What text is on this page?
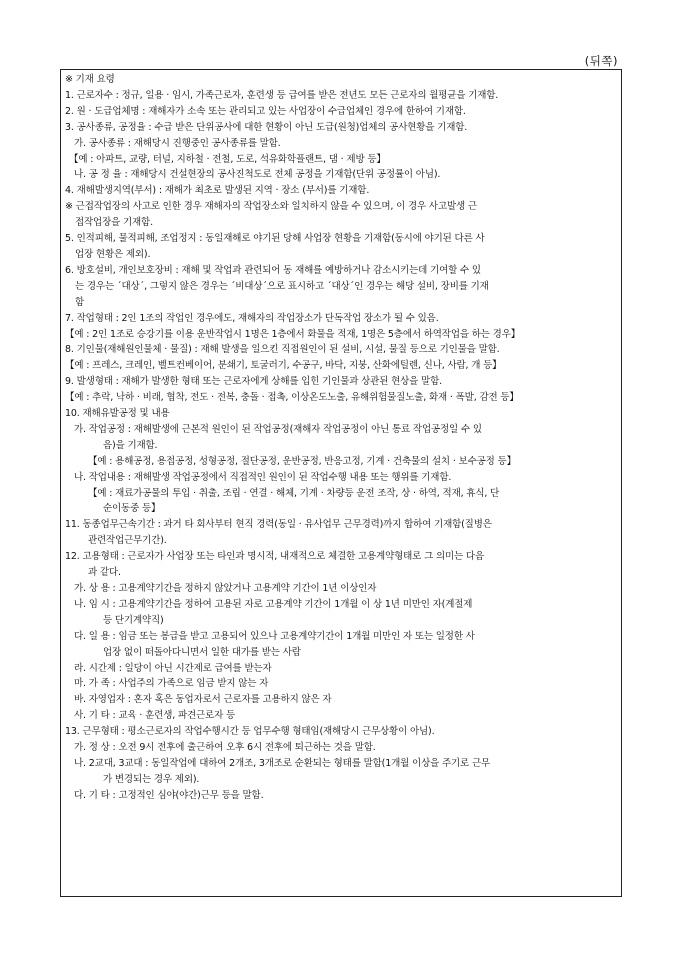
(뒤쪽)
※ 기재 요령
1. 근로자수 : 정규, 일용 · 임시, 가족근로자, 훈련생 등 급여를 받은 전년도 모든 근로자의 월평균을 기재함.
2. 원 · 도급업체명 : 재해자가 소속 또는 관리되고 있는 사업장이 수급업체인 경우에 한하여 기재함.
3. 공사종류, 공정율 : 수급 받은 단위공사에 대한 현황이 아닌 도급(원청)업체의 공사현황을 기재함.
가. 공사종류 : 재해당시 진행중인 공사종류를 말함.
【예 : 아파트, 교량, 터널, 지하철 · 전철, 도로, 석유화학플랜트, 댐 · 제방 등】
나. 공 정 율 : 재해당시 건설현장의 공사진척도로 전체 공정을 기재함(단위 공정률이 아님).
4. 재해발생지역(부서) : 재해가 최초로 발생된 지역 · 장소 (부서)를 기재함.
※ 근접작업장의 사고로 인한 경우 재해자의 작업장소와 일치하지 않을 수 있으며, 이 경우 사고발생 근
접작업장을 기재함.
5. 인적피해, 물적피해, 조업정지 : 동일재해로 야기된 당해 사업장 현황을 기재함(동시에 야기된 다른 사
업장 현황은 제외).
6. 방호설비, 개인보호장비 : 재해 및 작업과 관련되어 동 재해를 예방하거나 감소시키는데 기여할 수 있
는 경우는 ´대상´, 그렇지 않은 경우는 ´비대상´으로 표시하고 ´대상´인 경우는 해당 설비, 장비를 기재
함
7. 작업형태 : 2인 1조의 작업인 경우에도, 재해자의 작업장소가 단독작업 장소가 될 수 있음.
【예 : 2인 1조로 승강기를 이용 운반작업시 1명은 1층에서 화물을 적재, 1명은 5층에서 하역작업을 하는 경우】
8. 기인물(재해원인물체 · 물질) : 재해 발생을 일으킨 직접원인이 된 설비, 시설, 물질 등으로 기인물을 말함.
【예 : 프레스, 크레인, 벨트컨베이어, 분쇄기, 토굴러기, 수공구, 바닥, 지붕, 산화에틸렌, 신나, 사람, 개 등】
9. 발생형태 : 재해가 발생한 형태 또는 근로자에게 상해를 입힌 기인물과 상관된 현상을 말함.
【예 : 추락, 낙하 · 비래, 협착, 전도 · 전복, 충돌 · 접촉, 이상온도노출, 유해위험물질노출, 화재 · 폭발, 감전 등】
10. 재해유발공정 및 내용
가. 작업공정 : 재해발생에 근본적 원인이 된 작업공정(재해자 작업공정이 아닌 통료 작업공정일 수 있
음)을 기재함.
【예 : 용해공정, 용접공정, 성형공정, 절단공정, 운반공정, 반응고정, 기계 · 건축물의 설치 · 보수공정 등】
나. 작업내용 : 재해발생 작업공정에서 직접적인 원인이 된 작업수행 내용 또는 행위를 기재함.
【예 : 재료가공물의 투입 · 취출, 조립 · 연결 · 해체, 기계 · 차량등 운전 조작, 상 · 하역, 적재, 휴식, 단
순이동중 등】
11. 동종업무근속기간 : 과거 타 회사부터 현직 경력(동일 · 유사업무 근무경력)까지 합하여 기재함(질병은
관련작업근무기간).
12. 고용형태 : 근로자가 사업장 또는 타인과 명시적, 내재적으로 체결한 고용계약형태로 그 의미는 다음
과 같다.
가. 상 용 : 고용계약기간을 정하지 않았거나 고용계약 기간이 1년 이상인자
나. 임 시 : 고용계약기간을 정하여 고용된 자로 고용계약 기간이 1개월 이 상 1년 미만인 자(계절제
등 단기계약직)
다. 일 용 : 임금 또는 봉급을 받고 고용되어 있으나 고용계약기간이 1개월 미만인 자 또는 일정한 사
업장 없이 떠돌아다니면서 일한 대가를 받는 사람
라. 시간제 : 일당이 아닌 시간제로 급여를 받는자
마. 가 족 : 사업주의 가족으로 임금 받지 않는 자
바. 자영업자 : 혼자 혹은 동업자로서 근로자를 고용하지 않은 자
사. 기 타 : 교육 · 훈련생, 파견근로자 등
13. 근무형태 : 평소근로자의 작업수행시간 등 업무수행 형태임(재해당시 근무상황이 아님).
가. 정 상 : 오전 9시 전후에 출근하여 오후 6시 전후에 퇴근하는 것을 말함.
나. 2교대, 3교대 : 동일작업에 대하여 2개조, 3개조로 순환되는 형태를 말함(1개월 이상을 주기로 근무
가 변경되는 경우 제외).
다. 기 타 : 고정적인 심야(야간)근무 등을 말함.
